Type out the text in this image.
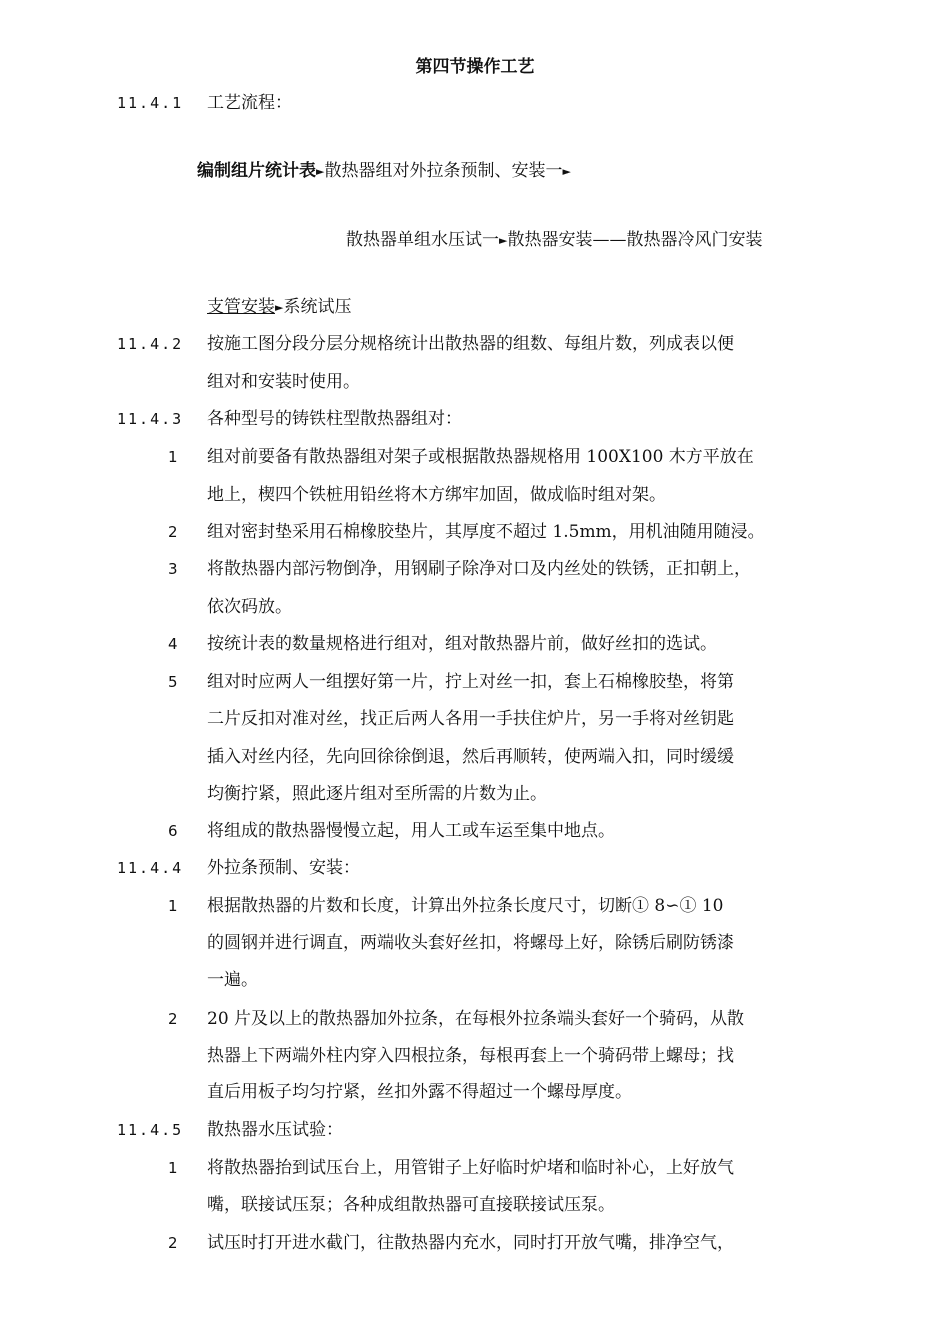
第四节操作工艺
11.4.1 工艺流程：
编制组片统计表►散热器组对外拉条预制、安装一►
散热器单组水压试一►散热器安装——散热器冷风门安装
支管安装►系统试压
11.4.2 按施工图分段分层分规格统计出散热器的组数、每组片数，列成表以便
组对和安装时使用。
11.4.3 各种型号的铸铁柱型散热器组对：
1 组对前要备有散热器组对架子或根据散热器规格用 100X100 木方平放在
地上，楔四个铁桩用铅丝将木方绑牢加固，做成临时组对架。
2 组对密封垫采用石棉橡胶垫片，其厚度不超过 1.5mm，用机油随用随浸。
3 将散热器内部污物倒净，用钢刷子除净对口及内丝处的铁锈，正扣朝上，
依次码放。
4 按统计表的数量规格进行组对，组对散热器片前，做好丝扣的选试。
5 组对时应两人一组摆好第一片，拧上对丝一扣，套上石棉橡胶垫，将第
二片反扣对准对丝，找正后两人各用一手扶住炉片，另一手将对丝钥匙
插入对丝内径，先向回徐徐倒退，然后再顺转，使两端入扣，同时缓缓
均衡拧紧，照此逐片组对至所需的片数为止。
6 将组成的散热器慢慢立起，用人工或车运至集中地点。
11.4.4 外拉条预制、安装：
1 根据散热器的片数和长度，计算出外拉条长度尺寸，切断① 8∽① 10
的圆钢并进行调直，两端收头套好丝扣，将螺母上好，除锈后刷防锈漆
一遍。
2 20 片及以上的散热器加外拉条，在每根外拉条端头套好一个骑码，从散
热器上下两端外柱内穿入四根拉条，每根再套上一个骑码带上螺母；找
直后用板子均匀拧紧，丝扣外露不得超过一个螺母厚度。
11.4.5 散热器水压试验：
1 将散热器抬到试压台上，用管钳子上好临时炉堵和临时补心，上好放气
嘴，联接试压泵；各种成组散热器可直接联接试压泵。
2 试压时打开进水截门，往散热器内充水，同时打开放气嘴，排净空气，
